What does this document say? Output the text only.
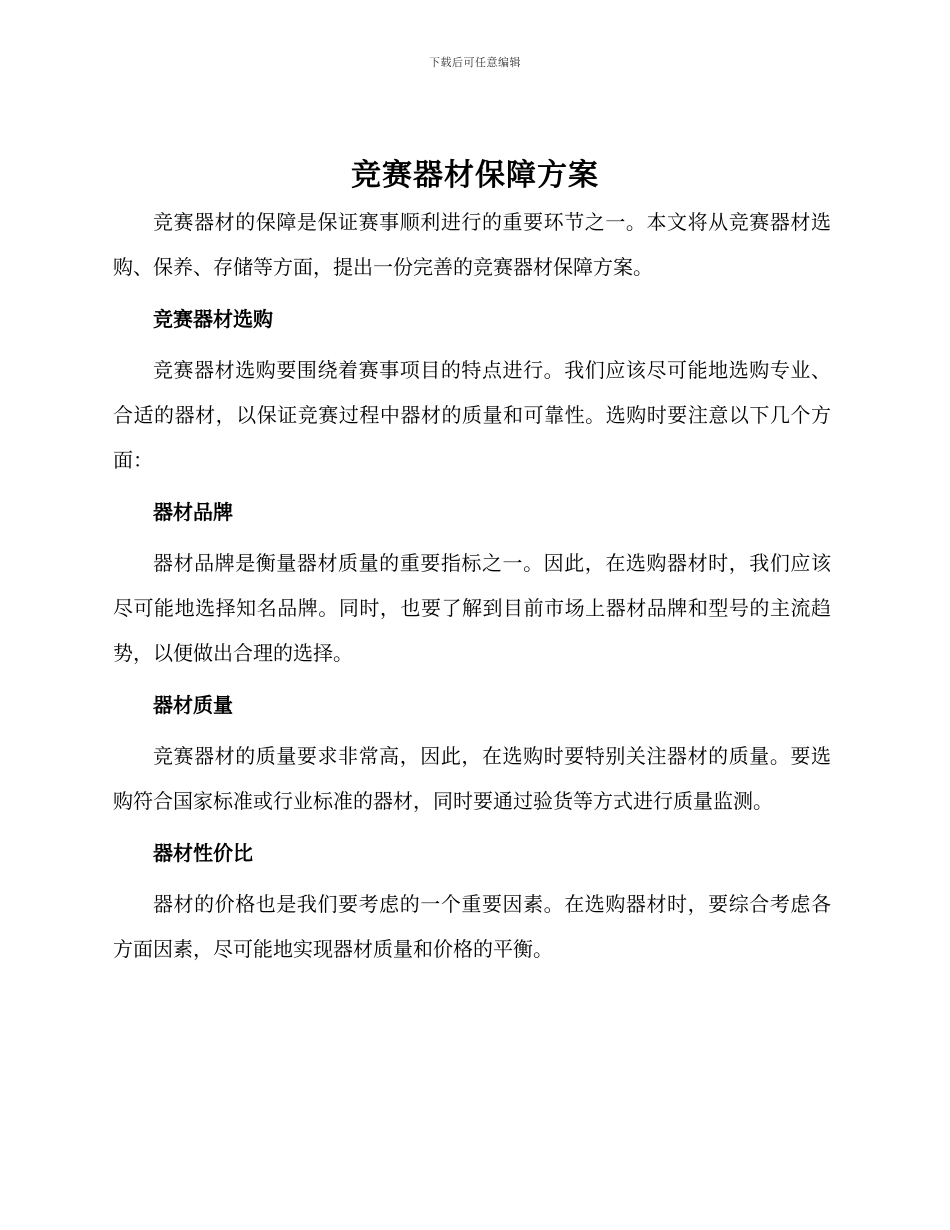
下载后可任意编辑
竞赛器材保障方案

竞赛器材的保障是保证赛事顺利进行的重要环节之一。本文将从竞赛器材选购、保养、存储等方面，提出一份完善的竞赛器材保障方案。

竞赛器材选购

竞赛器材选购要围绕着赛事项目的特点进行。我们应该尽可能地选购专业、合适的器材，以保证竞赛过程中器材的质量和可靠性。选购时要注意以下几个方面：

器材品牌

器材品牌是衡量器材质量的重要指标之一。因此，在选购器材时，我们应该尽可能地选择知名品牌。同时，也要了解到目前市场上器材品牌和型号的主流趋势，以便做出合理的选择。

器材质量

竞赛器材的质量要求非常高，因此，在选购时要特别关注器材的质量。要选购符合国家标准或行业标准的器材，同时要通过验货等方式进行质量监测。

器材性价比

器材的价格也是我们要考虑的一个重要因素。在选购器材时，要综合考虑各方面因素，尽可能地实现器材质量和价格的平衡。
